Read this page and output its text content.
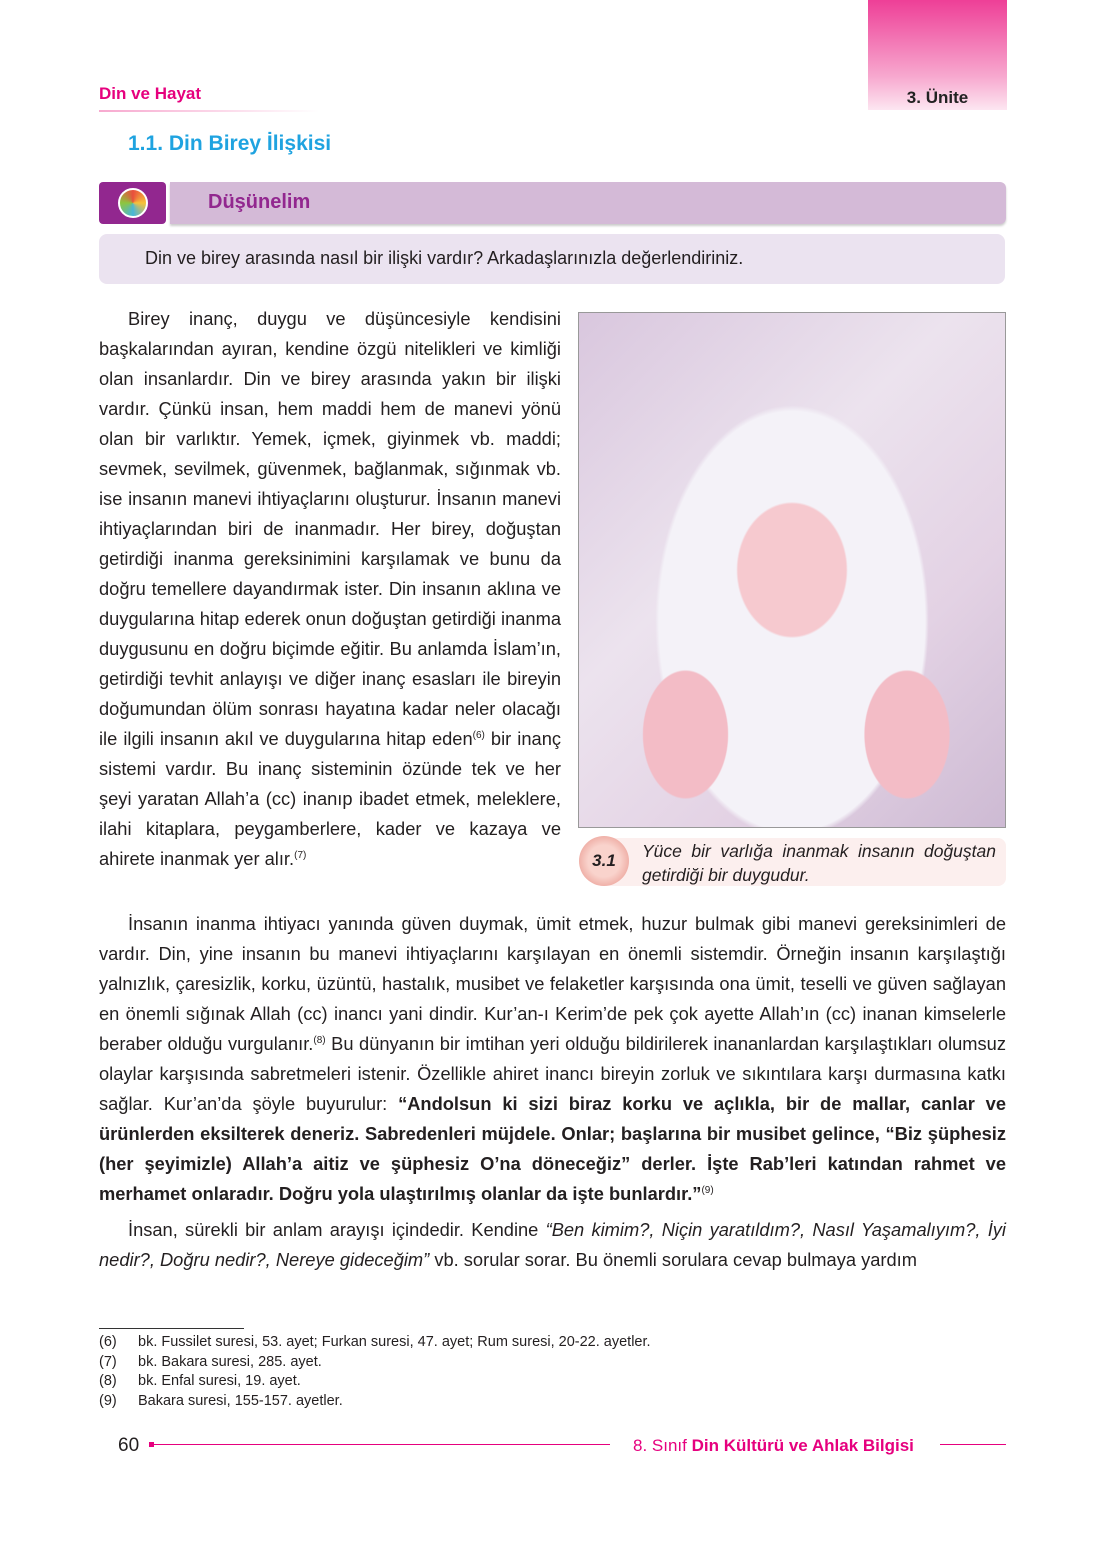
3. Ünite
Din ve Hayat
1.1. Din Birey İlişkisi
Düşünelim
Din ve birey arasında nasıl bir ilişki vardır? Arkadaşlarınızla değerlendiriniz.

Birey inanç, duygu ve düşüncesiyle kendisini başkalarından ayıran, kendine özgü nitelikleri ve kimliği olan insanlardır. Din ve birey arasında yakın bir ilişki vardır. Çünkü insan, hem maddi hem de manevi yönü olan bir varlıktır. Yemek, içmek, giyinmek vb. maddi; sevmek, sevilmek, güvenmek, bağlanmak, sığınmak vb. ise insanın manevi ihtiyaçlarını oluşturur. İnsanın manevi ihtiyaçlarından biri de inanmadır. Her birey, doğuştan getirdiği inanma gereksinimini karşılamak ve bunu da doğru temellere dayandırmak ister. Din insanın aklına ve duygularına hitap ederek onun doğuştan getirdiği inanma duygusunu en doğru biçimde eğitir. Bu anlamda İslam’ın, getirdiği tevhit anlayışı ve diğer inanç esasları ile bireyin doğumundan ölüm sonrası hayatına kadar neler olacağı ile ilgili insanın akıl ve duygularına hitap eden$^{(6)}$ bir inanç sistemi vardır. Bu inanç sisteminin özünde tek ve her şeyi yaratan Allah’a (cc) inanıp ibadet etmek, meleklere, ilahi kitaplara, peygamberlere, kader ve kazaya ve ahirete inanmak yer alır.$^{(7)}$	3.1	Yüce bir varlığa inanmak insanın doğuştan getirdiği bir duygudur.

İnsanın inanma ihtiyacı yanında güven duymak, ümit etmek, huzur bulmak gibi manevi gereksinimleri de vardır. Din, yine insanın bu manevi ihtiyaçlarını karşılayan en önemli sistemdir. Örneğin insanın karşılaştığı yalnızlık, çaresizlik, korku, üzüntü, hastalık, musibet ve felaketler karşısında ona ümit, teselli ve güven sağlayan en önemli sığınak Allah (cc) inancı yani dindir. Kur’an-ı Kerim’de pek çok ayette Allah’ın (cc) inanan kimselerle beraber olduğu vurgulanır.$^{(8)}$ Bu dünyanın bir imtihan yeri olduğu bildirilerek inananlardan karşılaştıkları olumsuz olaylar karşısında sabretmeleri istenir. Özellikle ahiret inancı bireyin zorluk ve sıkıntılara karşı durmasına katkı sağlar. Kur’an’da şöyle buyurulur: “Andolsun ki sizi biraz korku ve açlıkla, bir de mallar, canlar ve ürünlerden eksilterek deneriz. Sabredenleri müjdele. Onlar; başlarına bir musibet gelince, “Biz şüphesiz (her şeyimizle) Allah’a aitiz ve şüphesiz O’na döneceğiz” derler. İşte Rab’leri katından rahmet ve merhamet onlaradır. Doğru yola ulaştırılmış olanlar da işte bunlardır.”$^{(9)}$

İnsan, sürekli bir anlam arayışı içindedir. Kendine “Ben kimim?, Niçin yaratıldım?, Nasıl Yaşamalıyım?, İyi nedir?, Doğru nedir?, Nereye gideceğim” vb. sorular sorar. Bu önemli sorulara cevap bulmaya yardım

(6) bk. Fussilet suresi, 53. ayet; Furkan suresi, 47. ayet; Rum suresi, 20-22. ayetler.
(7) bk. Bakara suresi, 285. ayet.
(8) bk. Enfal suresi, 19. ayet.
(9) Bakara suresi, 155-157. ayetler.
60	8. Sınıf Din Kültürü ve Ahlak Bilgisi
